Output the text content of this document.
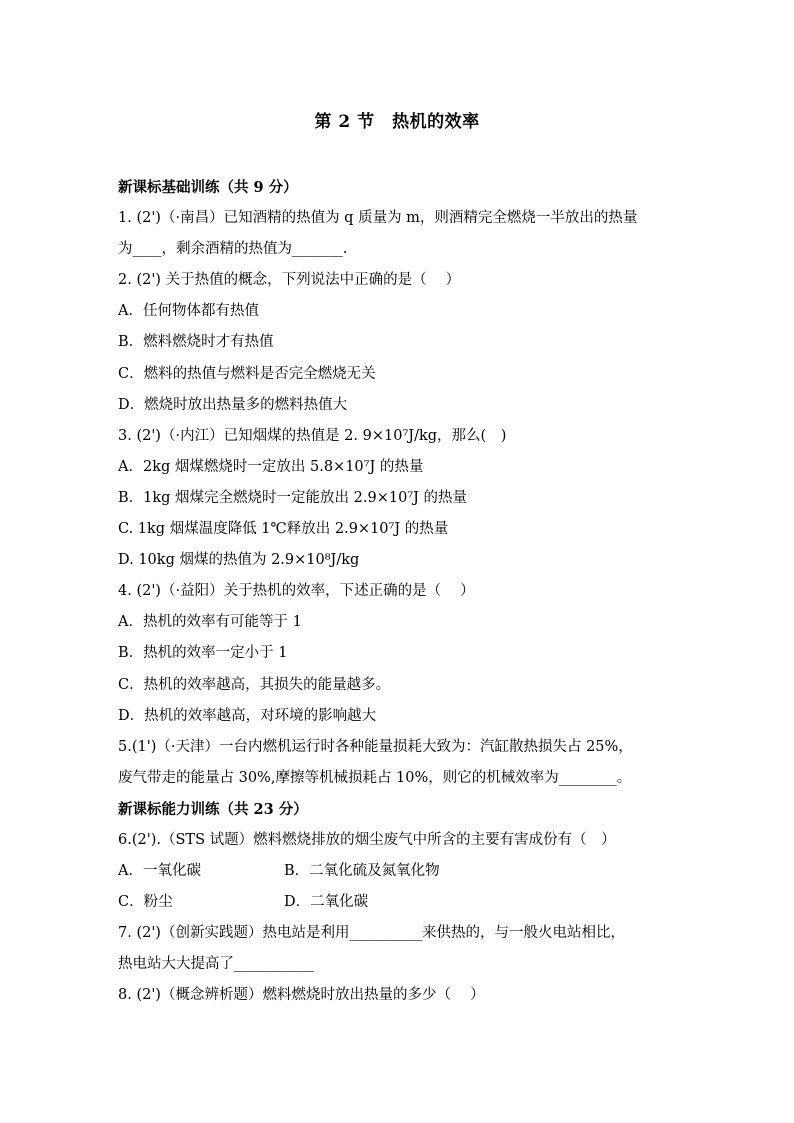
第 2 节　热机的效率
新课标基础训练（共 9 分）
1. (2')（·南昌）已知酒精的热值为 q 质量为 m，则酒精完全燃烧一半放出的热量
为____，剩余酒精的热值为_______.
2. (2') 关于热值的概念，下列说法中正确的是（　 ）
A．任何物体都有热值
B．燃料燃烧时才有热值
C．燃料的热值与燃料是否完全燃烧无关
D．燃烧时放出热量多的燃料热值大
3. (2')（·内江）已知烟煤的热值是 2. 9×10⁷J/kg，那么(　)
A．2kg 烟煤燃烧时一定放出 5.8×10⁷J 的热量
B．1kg 烟煤完全燃烧时一定能放出 2.9×10⁷J 的热量
C. 1kg 烟煤温度降低 1℃释放出 2.9×10⁷J 的热量
D. 10kg 烟煤的热值为 2.9×10⁸J/kg
4. (2')（·益阳）关于热机的效率，下述正确的是（　 ）
A．热机的效率有可能等于 1
B．热机的效率一定小于 1
C．热机的效率越高，其损失的能量越多。
D．热机的效率越高，对环境的影响越大
5.(1')（·天津）一台内燃机运行时各种能量损耗大致为：汽缸散热损失占 25%，
废气带走的能量占 30%,摩擦等机械损耗占 10%，则它的机械效率为________。
新课标能力训练（共 23 分）
6.(2').（STS 试题）燃料燃烧排放的烟尘废气中所含的主要有害成份有（　）
A．一氧化碳	B．二氧化硫及氮氧化物
C．粉尘	D．二氧化碳
7. (2')（创新实践题）热电站是利用__________来供热的，与一般火电站相比，
热电站大大提高了___________
8. (2')（概念辨析题）燃料燃烧时放出热量的多少（　 ）
